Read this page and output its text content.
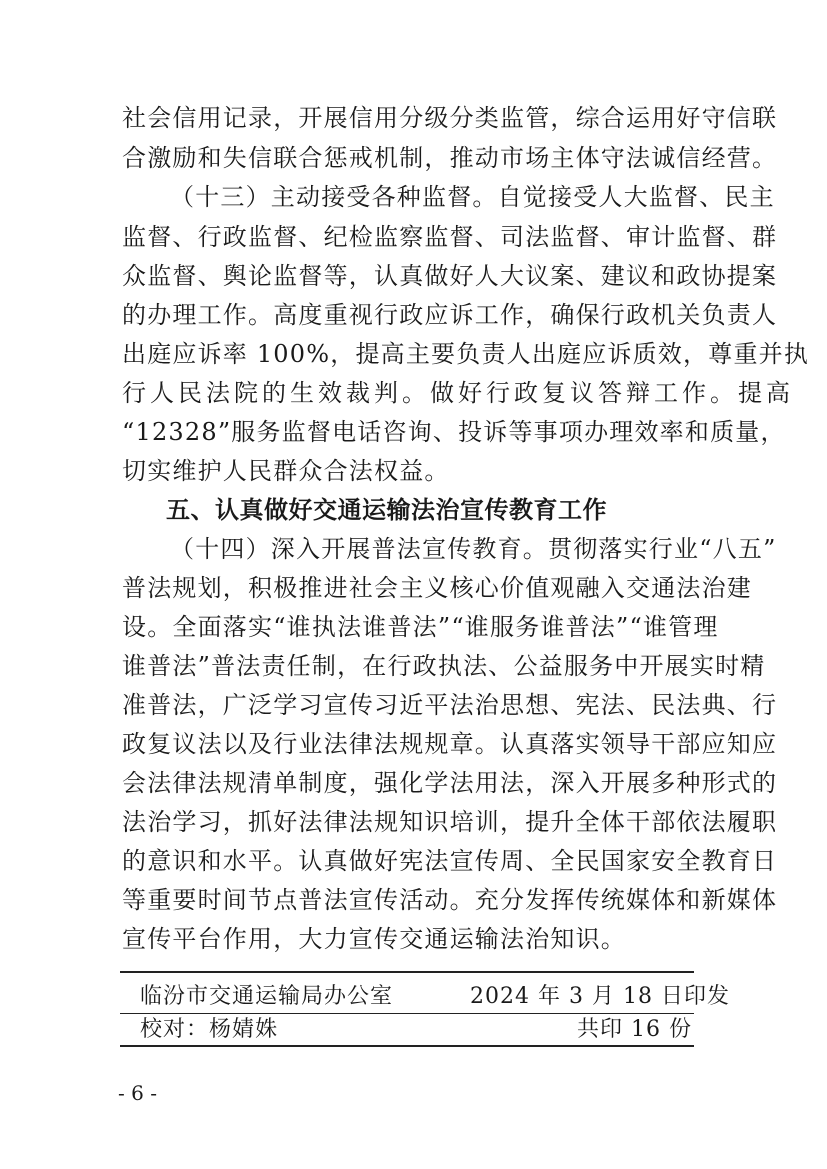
社会信用记录，开展信用分级分类监管，综合运用好守信联
合激励和失信联合惩戒机制，推动市场主体守法诚信经营。
（十三）主动接受各种监督。自觉接受人大监督、民主
监督、行政监督、纪检监察监督、司法监督、审计监督、群
众监督、舆论监督等，认真做好人大议案、建议和政协提案
的办理工作。高度重视行政应诉工作，确保行政机关负责人
出庭应诉率 100%，提高主要负责人出庭应诉质效，尊重并执
行人民法院的生效裁判。做好行政复议答辩工作。提高
“12328”服务监督电话咨询、投诉等事项办理效率和质量，
切实维护人民群众合法权益。
五、认真做好交通运输法治宣传教育工作
（十四）深入开展普法宣传教育。贯彻落实行业“八五”
普法规划，积极推进社会主义核心价值观融入交通法治建
设。全面落实“谁执法谁普法”“谁服务谁普法”“谁管理
谁普法”普法责任制，在行政执法、公益服务中开展实时精
准普法，广泛学习宣传习近平法治思想、宪法、民法典、行
政复议法以及行业法律法规规章。认真落实领导干部应知应
会法律法规清单制度，强化学法用法，深入开展多种形式的
法治学习，抓好法律法规知识培训，提升全体干部依法履职
的意识和水平。认真做好宪法宣传周、全民国家安全教育日
等重要时间节点普法宣传活动。充分发挥传统媒体和新媒体
宣传平台作用，大力宣传交通运输法治知识。
临汾市交通运输局办公室	2024 年 3 月 18 日印发
校对：杨婧姝	共印 16 份
- 6 -
